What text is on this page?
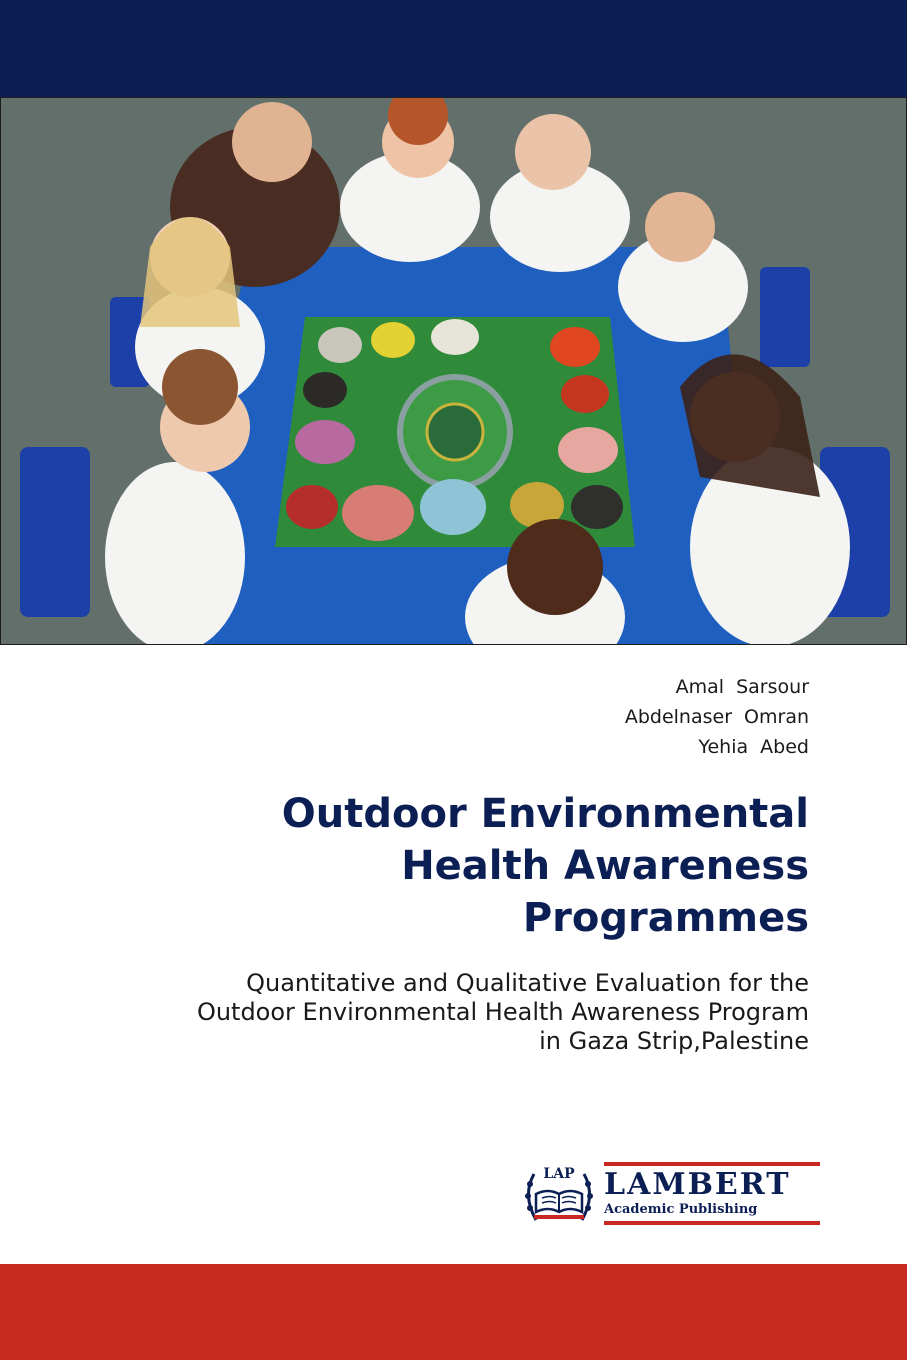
Amal Sarsour
Abdelnaser Omran
Yehia Abed
Outdoor Environmental
Health Awareness
Programmes
Quantitative and Qualitative Evaluation for the
Outdoor Environmental Health Awareness Program
in Gaza Strip,Palestine
LAP LAMBERT
Academic Publishing
